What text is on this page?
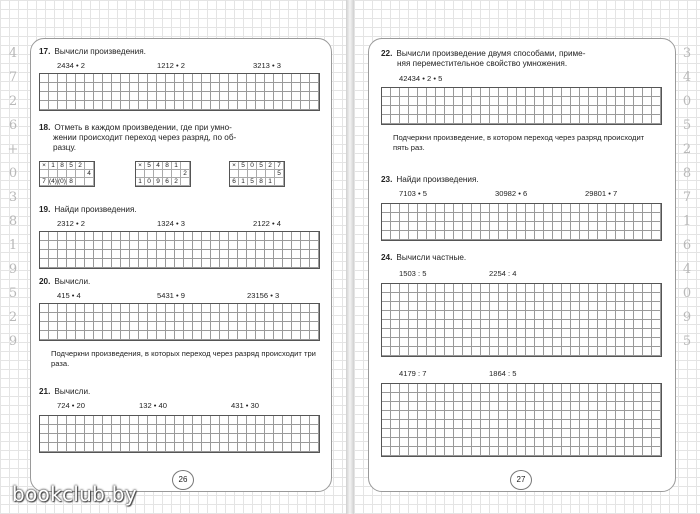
4
7
2
6
+
0
3
8
1
9
5
2
9
17. Вычисли произведения.
2434 • 2	1212 • 2	3213 • 3
18. Отметь в каждом произведении, где при умно-
жении происходит переход через разряд, по об-
разцу.
× 1 8 5 2
4
7 (4) (0) 8
× 5 4 8 1
2
1 0 9 6 2
× 5 0 5 2 7
5
6 1 5 8 1
19. Найди произведения.
2312 • 2	1324 • 3	2122 • 4
20. Вычисли.
415 • 4	5431 • 9	23156 • 3
Подчеркни произведения, в которых переход через разряд происходит три раза.
21. Вычисли.
724 • 20	132 • 40	431 • 30
26
3
4
0
5
2
8
7
1
6
4
0
9
5
22. Вычисли произведение двумя способами, приме-
няя переместительное свойство умножения.
42434 • 2 • 5
Подчеркни произведение, в котором переход через разряд происходит пять раз.
23. Найди произведения.
7103 • 5	30982 • 6	29801 • 7
24. Вычисли частные.
1503 : 5	2254 : 4
4179 : 7	1864 : 5
27
bookclub.by
